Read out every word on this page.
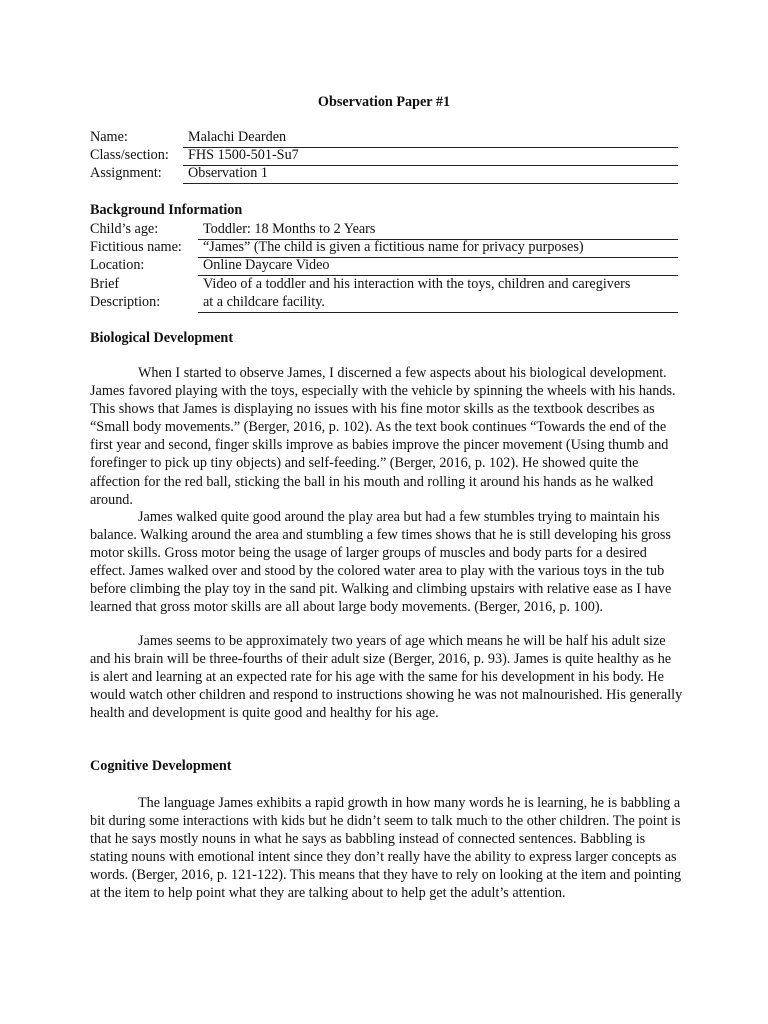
Observation Paper #1
Name:	Malachi Dearden
Class/section: FHS 1500-501-Su7
Assignment: Observation 1
Background Information
Child’s age:	Toddler: 18 Months to 2 Years
Fictitious name: “James” (The child is given a fictitious name for privacy purposes)
Location:	Online Daycare Video
Brief	Video of a toddler and his interaction with the toys, children and caregivers
Description:	at a childcare facility.
Biological Development
When I started to observe James, I discerned a few aspects about his biological development. James favored playing with the toys, especially with the vehicle by spinning the wheels with his hands. This shows that James is displaying no issues with his fine motor skills as the textbook describes as “Small body movements.” (Berger, 2016, p. 102). As the text book continues “Towards the end of the first year and second, finger skills improve as babies improve the pincer movement (Using thumb and forefinger to pick up tiny objects) and self-feeding.” (Berger, 2016, p. 102). He showed quite the affection for the red ball, sticking the ball in his mouth and rolling it around his hands as he walked around.
James walked quite good around the play area but had a few stumbles trying to maintain his balance. Walking around the area and stumbling a few times shows that he is still developing his gross motor skills. Gross motor being the usage of larger groups of muscles and body parts for a desired effect. James walked over and stood by the colored water area to play with the various toys in the tub before climbing the play toy in the sand pit. Walking and climbing upstairs with relative ease as I have learned that gross motor skills are all about large body movements. (Berger, 2016, p. 100).
James seems to be approximately two years of age which means he will be half his adult size and his brain will be three-fourths of their adult size (Berger, 2016, p. 93). James is quite healthy as he is alert and learning at an expected rate for his age with the same for his development in his body. He would watch other children and respond to instructions showing he was not malnourished. His generally health and development is quite good and healthy for his age.
Cognitive Development
The language James exhibits a rapid growth in how many words he is learning, he is babbling a bit during some interactions with kids but he didn’t seem to talk much to the other children. The point is that he says mostly nouns in what he says as babbling instead of connected sentences. Babbling is stating nouns with emotional intent since they don’t really have the ability to express larger concepts as words. (Berger, 2016, p. 121-122). This means that they have to rely on looking at the item and pointing at the item to help point what they are talking about to help get the adult’s attention.
